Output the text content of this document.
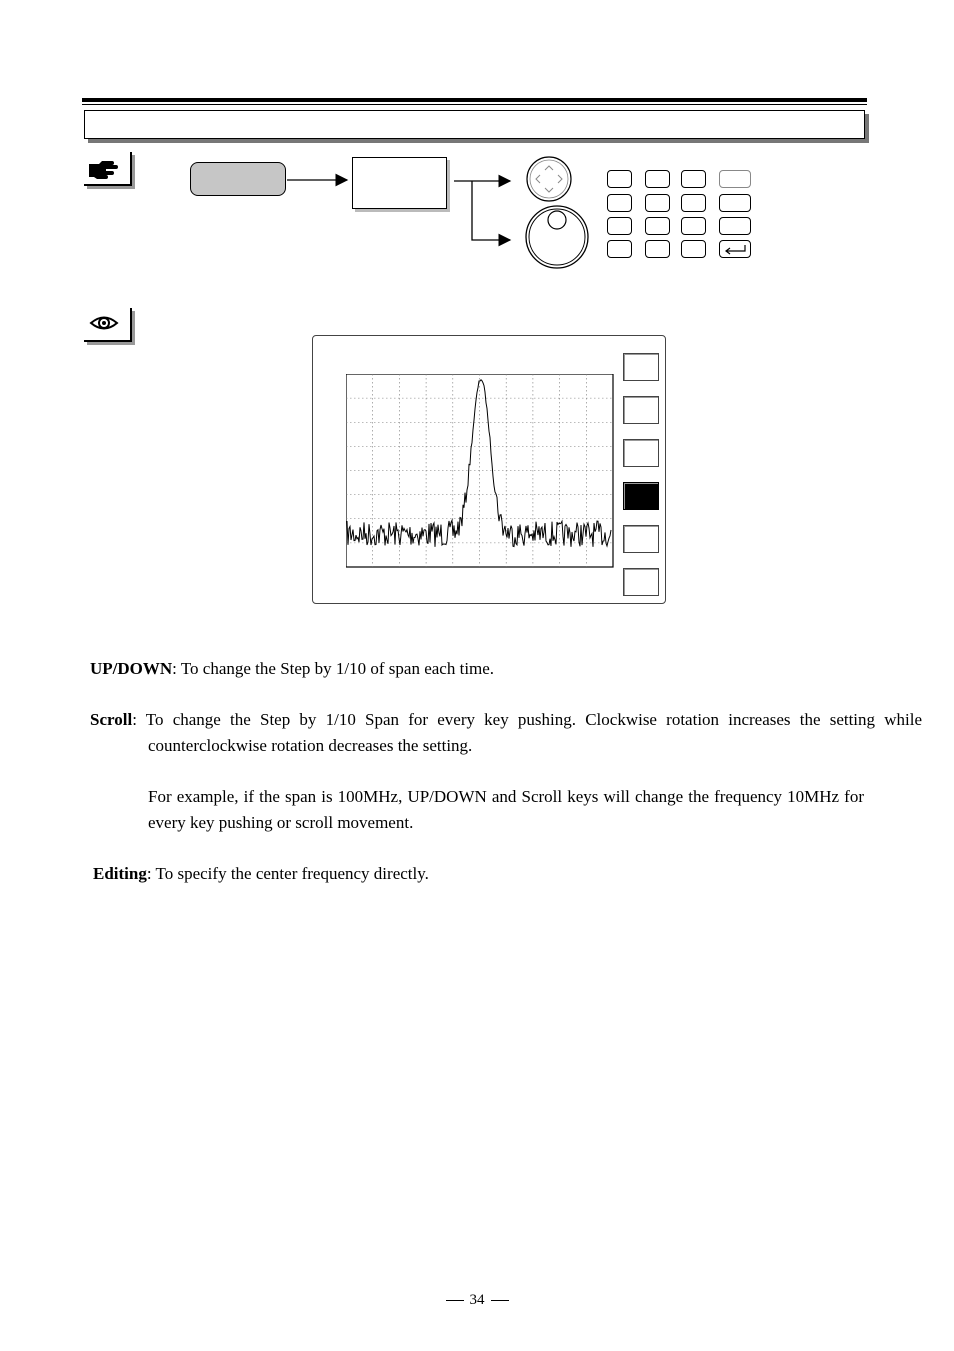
UP/DOWN: To change the Step by 1/10 of span each time.

Scroll: To change the Step by 1/10 Span for every key pushing. Clockwise rotation increases the setting while counterclockwise rotation decreases the setting.

For example, if the span is 100MHz, UP/DOWN and Scroll keys will change the frequency 10MHz for every key pushing or scroll movement.

Editing: To specify the center frequency directly.

34
